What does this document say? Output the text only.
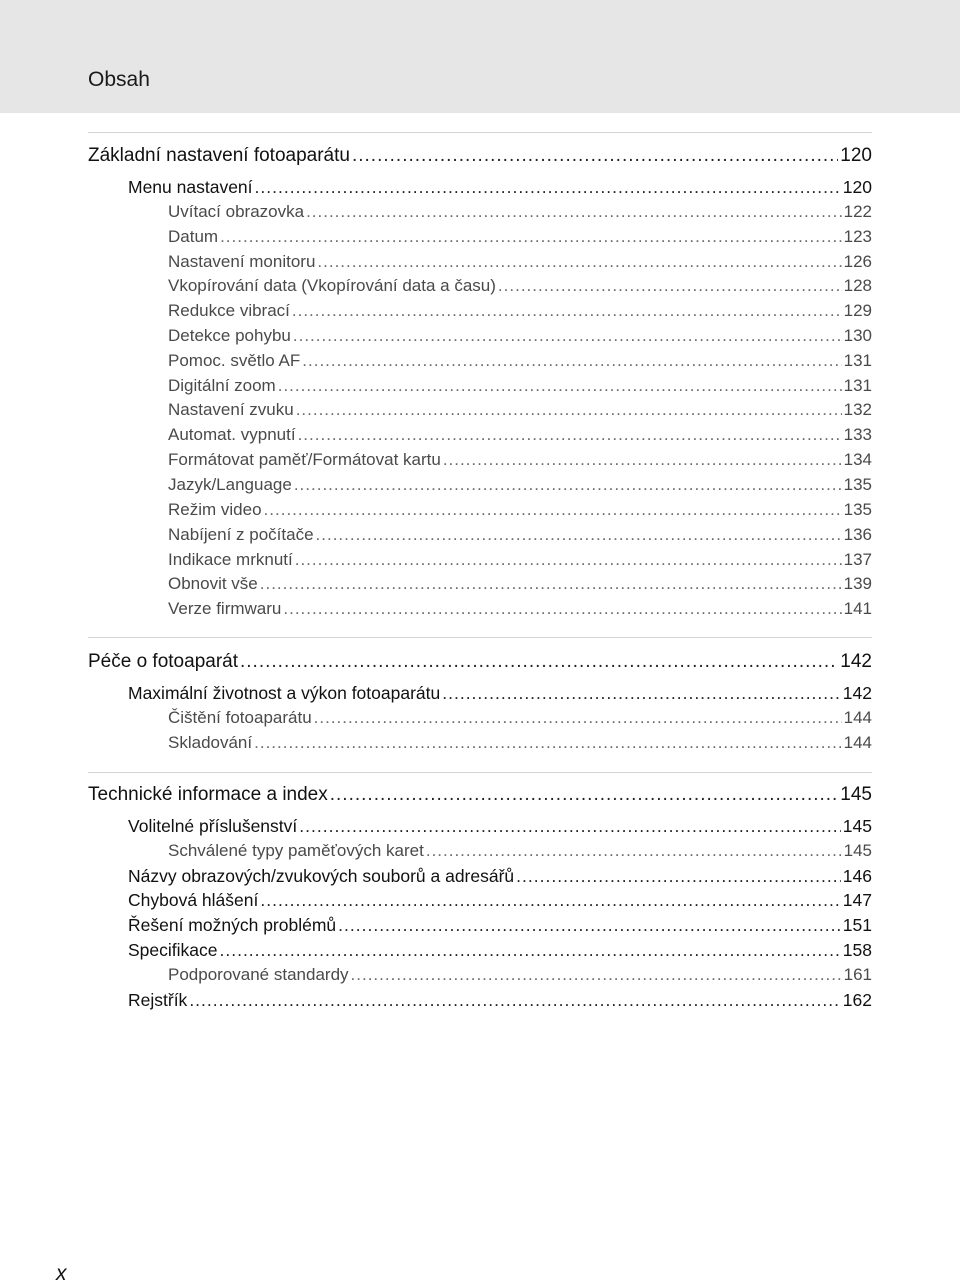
Obsah
Základní nastavení fotoaparátu .....	120
Menu nastavení .....	120
Uvítací obrazovka .....	122
Datum .....	123
Nastavení monitoru .....	126
Vkopírování data (Vkopírování data a času) .....	128
Redukce vibrací .....	129
Detekce pohybu .....	130
Pomoc. světlo AF .....	131
Digitální zoom .....	131
Nastavení zvuku .....	132
Automat. vypnutí .....	133
Formátovat paměť/Formátovat kartu .....	134
Jazyk/Language .....	135
Režim video .....	135
Nabíjení z počítače .....	136
Indikace mrknutí .....	137
Obnovit vše .....	139
Verze firmwaru .....	141
Péče o fotoaparát .....	142
Maximální životnost a výkon fotoaparátu .....	142
Čištění fotoaparátu .....	144
Skladování .....	144
Technické informace a index .....	145
Volitelné příslušenství .....	145
Schválené typy paměťových karet .....	145
Názvy obrazových/zvukových souborů a adresářů .....	146
Chybová hlášení .....	147
Řešení možných problémů .....	151
Specifikace .....	158
Podporované standardy .....	161
Rejstřík .....	162
x
